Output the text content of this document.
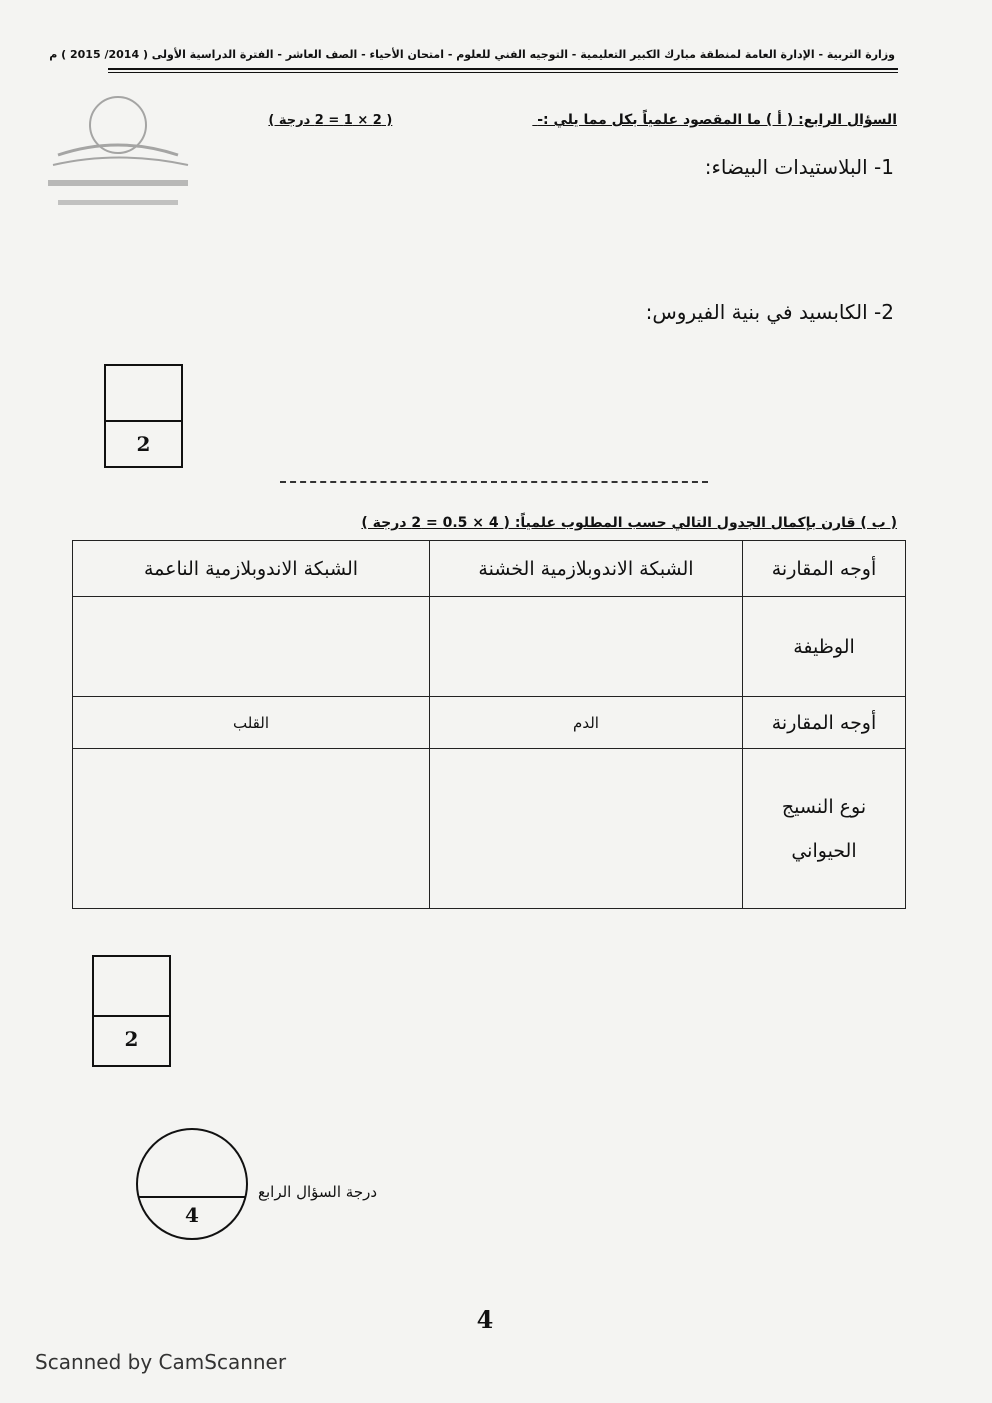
وزارة التربية - الإدارة العامة لمنطقة مبارك الكبير التعليمية - التوجيه الفني للعلوم - امتحان الأحياء - الصف العاشر - الفترة الدراسية الأولى ( 2014/ 2015 ) م
السؤال الرابع: ( أ ) ما المقصود علمياً بكل مما يلي :- ( 2 × 1 = 2 درجة )
1- البلاستيدات البيضاء:
2- الكابسيد في بنية الفيروس:
2
( ب ) قارن بإكمال الجدول التالي حسب المطلوب علمياً: ( 4 × 0.5 = 2 درجة )
أوجه المقارنة	الشبكة الاندوبلازمية الخشنة	الشبكة الاندوبلازمية الناعمة
الوظيفة		
أوجه المقارنة	الدم	القلب

نوع النسيج
الحيواني		

2
4
درجة السؤال الرابع
4
Scanned by CamScanner
